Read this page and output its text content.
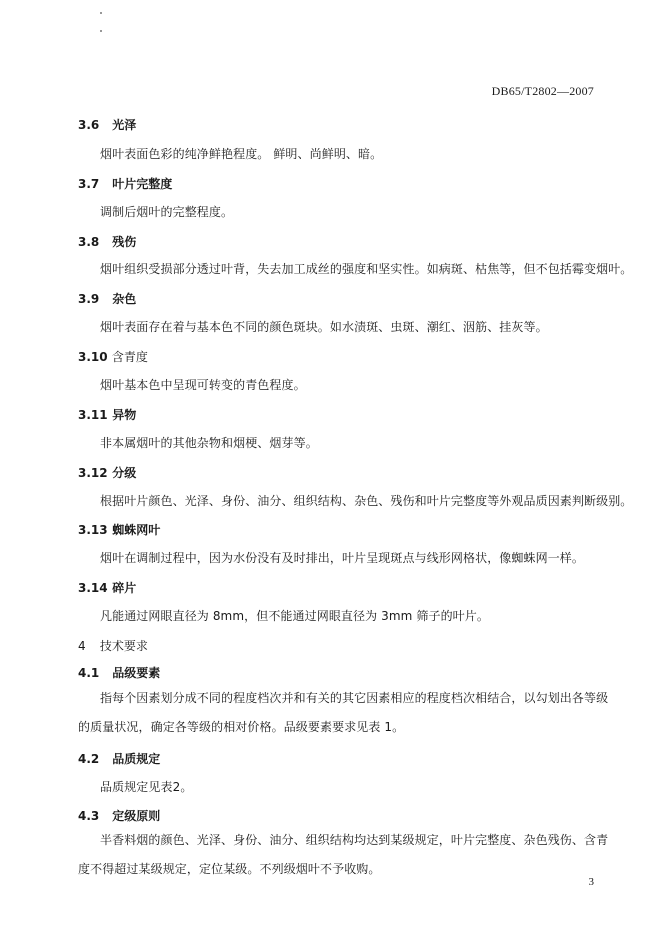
DB65/T2802—2007
3.6 光泽
烟叶表面色彩的纯净鲜艳程度。 鲜明、尚鲜明、暗。
3.7 叶片完整度
调制后烟叶的完整程度。
3.8 残伤
烟叶组织受损部分透过叶背，失去加工成丝的强度和坚实性。如病斑、枯焦等，但不包括霉变烟叶。
3.9 杂色
烟叶表面存在着与基本色不同的颜色斑块。如水渍斑、虫斑、潮红、洇筋、挂灰等。
3.10 含青度
烟叶基本色中呈现可转变的青色程度。
3.11 异物
非本属烟叶的其他杂物和烟梗、烟芽等。
3.12 分级
根据叶片颜色、光泽、身份、油分、组织结构、杂色、残伤和叶片完整度等外观品质因素判断级别。
3.13 蜘蛛网叶
烟叶在调制过程中，因为水份没有及时排出，叶片呈现斑点与线形网格状，像蜘蛛网一样。
3.14 碎片
凡能通过网眼直径为 8mm，但不能通过网眼直径为 3mm 筛子的叶片。
4 技术要求
4.1 品级要素
指每个因素划分成不同的程度档次并和有关的其它因素相应的程度档次相结合，以勾划出各等级的质量状况，确定各等级的相对价格。品级要素要求见表 1。
4.2 品质规定
品质规定见表2。
4.3 定级原则
半香料烟的颜色、光泽、身份、油分、组织结构均达到某级规定，叶片完整度、杂色残伤、含青度不得超过某级规定，定位某级。不列级烟叶不予收购。
3
